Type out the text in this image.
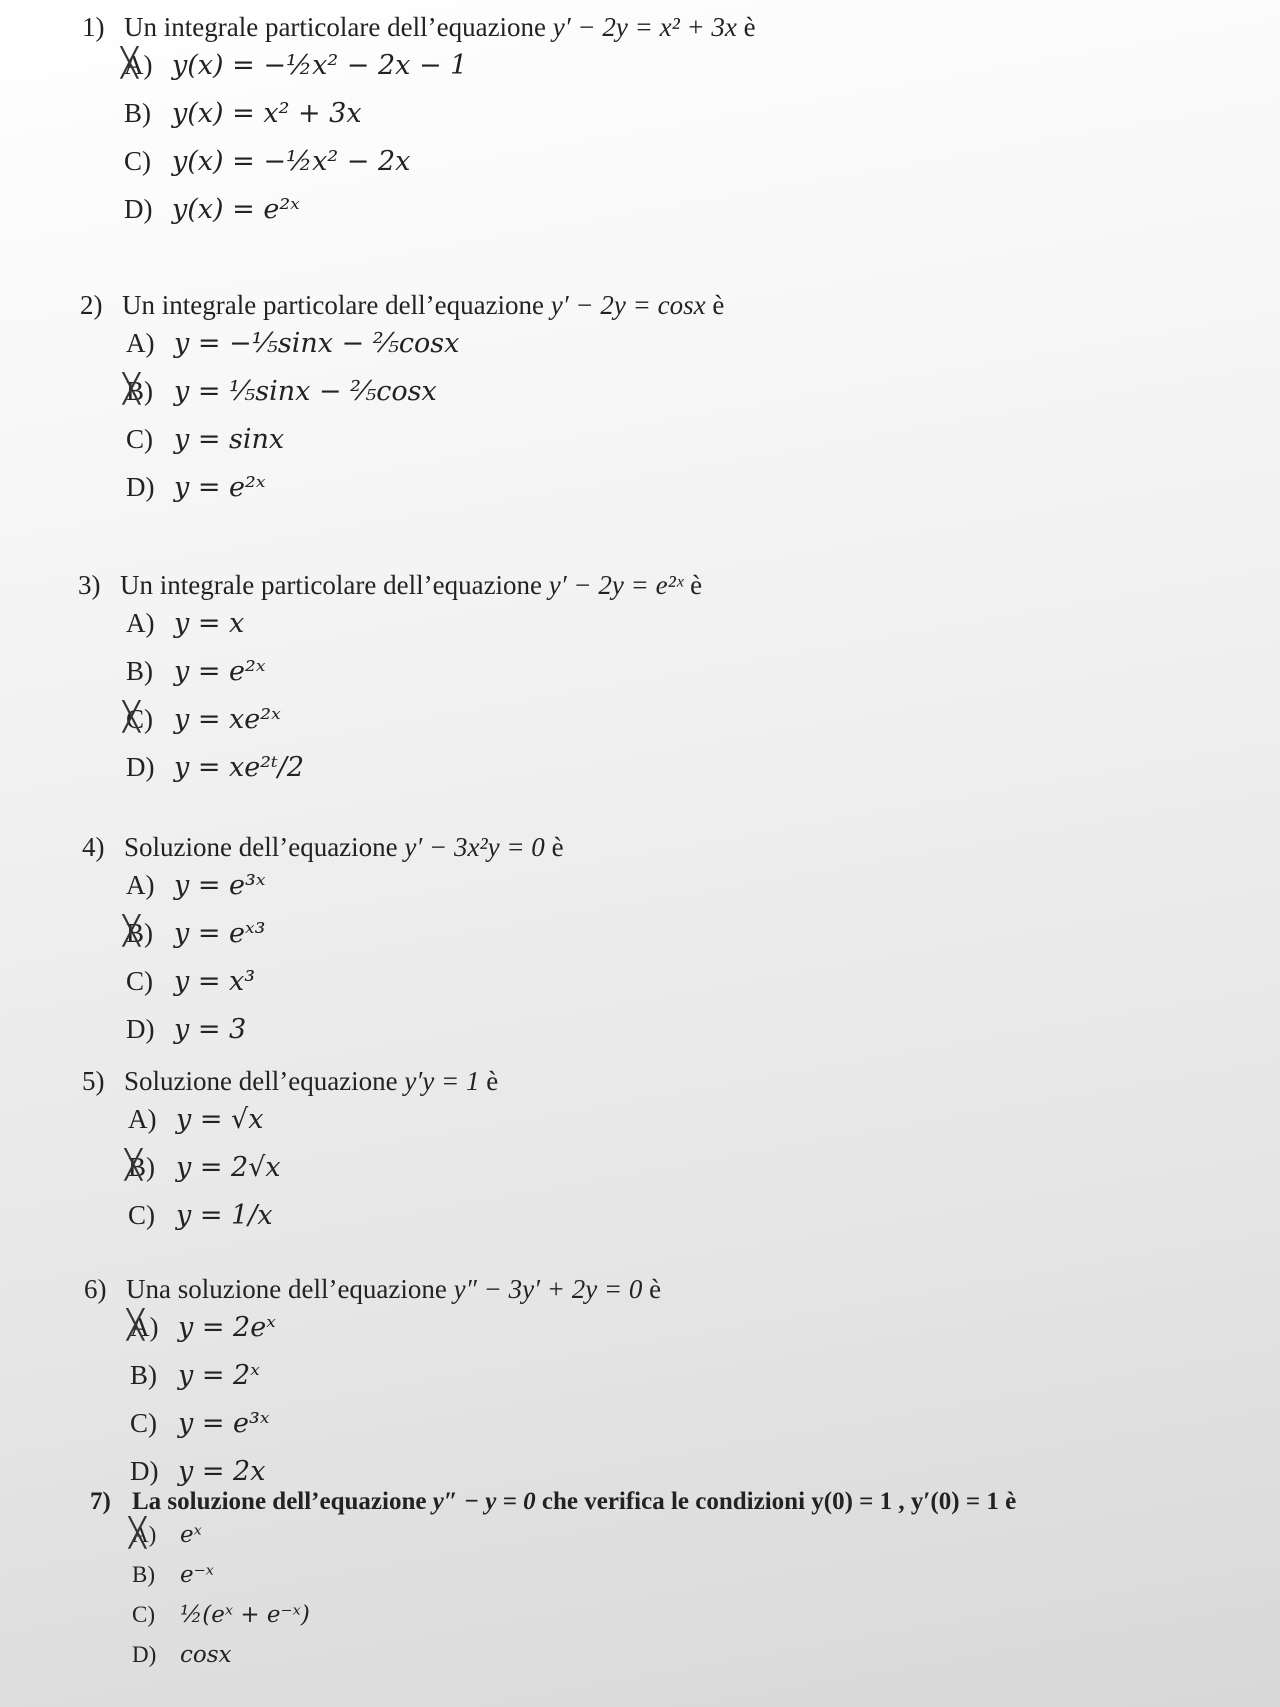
1) Un integrale particolare dell’equazione y′ − 2y = x² + 3x è
A) ╳ y(x) = −½x² − 2x − 1
B) y(x) = x² + 3x
C) y(x) = −½x² − 2x
D) y(x) = e²ˣ
2) Un integrale particolare dell’equazione y′ − 2y = cosx è
A) y = −⅕sinx − ⅖cosx
B) ╳ y = ⅕sinx − ⅖cosx
C) y = sinx
D) y = e²ˣ
3) Un integrale particolare dell’equazione y′ − 2y = e²ˣ è
A) y = x
B) y = e²ˣ
C) ╳ y = xe²ˣ
D) y = xe²ᵗ/2
4) Soluzione dell’equazione y′ − 3x²y = 0 è
A) y = e³ˣ
B) ╳ y = eˣ³
C) y = x³
D) y = 3
5) Soluzione dell’equazione y′y = 1 è
A) y = √x
B) ╳ y = 2√x
C) y = 1/x
6) Una soluzione dell’equazione y″ − 3y′ + 2y = 0 è
A) ╳ y = 2eˣ
B) y = 2ˣ
C) y = e³ˣ
D) y = 2x
7) La soluzione dell’equazione y″ − y = 0 che verifica le condizioni y(0) = 1 , y′(0) = 1 è
A) ╳ eˣ
B) e⁻ˣ
C) ½(eˣ + e⁻ˣ)
D) cosx
